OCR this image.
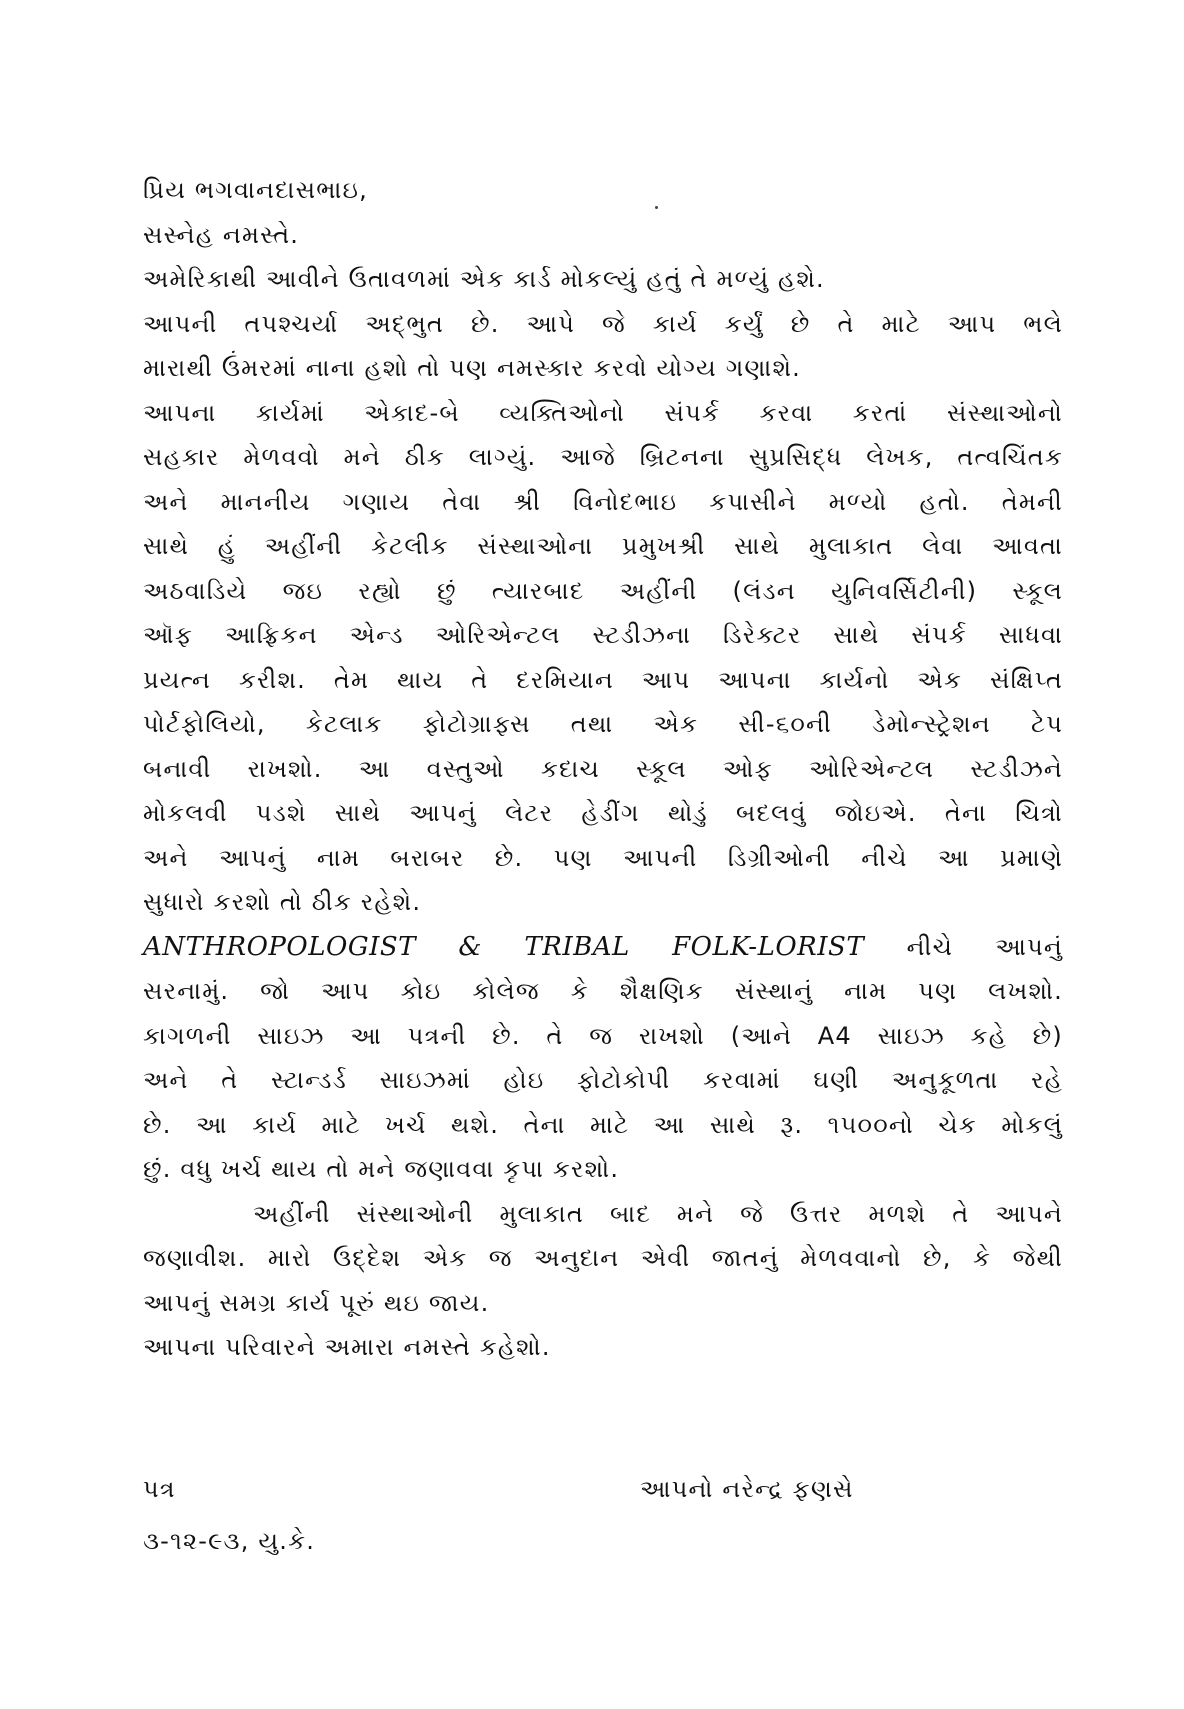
પ્રિય ભગવાનદાસભાઇ,
સસ્નેહ નમસ્તે.
અમેરિકાથી આવીને ઉતાવળમાં એક કાર્ડ મોકલ્યું હતું તે મળ્યું હશે.
આપની તપશ્ચર્યા અદ્ભુત છે. આપે જે કાર્ય કર્યું છે તે માટે આપ ભલે
મારાથી ઉંમરમાં નાના હશો તો પણ નમસ્કાર કરવો યોગ્ય ગણાશે.
આપના કાર્યમાં એકાદ-બે વ્યક્તિઓનો સંપર્ક કરવા કરતાં સંસ્થાઓનો
સહકાર મેળવવો મને ઠીક લાગ્યું. આજે બ્રિટનના સુપ્રસિદ્ધ લેખક, તત્વચિંતક
અને માનનીય ગણાય તેવા શ્રી વિનોદભાઇ કપાસીને મળ્યો હતો. તેમની
સાથે હું અહીંની કેટલીક સંસ્થાઓના પ્રમુખશ્રી સાથે મુલાકાત લેવા આવતા
અઠવાડિયે જઇ રહ્યો છું ત્યારબાદ અહીંની (લંડન યુનિવર્સિટીની) સ્કૂલ
ઑફ આફ્રિકન એન્ડ ઓરિએન્ટલ સ્ટડીઝના ડિરેક્ટર સાથે સંપર્ક સાધવા
પ્રયત્ન કરીશ. તેમ થાય તે દરમિયાન આપ આપના કાર્યનો એક સંક્ષિપ્ત
પોર્ટફોલિયો, કેટલાક ફોટોગ્રાફ્સ તથા એક સી-૬૦ની ડેમોન્સ્ટ્રેશન ટેપ
બનાવી રાખશો. આ વસ્તુઓ કદાચ સ્કૂલ ઓફ ઓરિએન્ટલ સ્ટડીઝને
મોકલવી પડશે સાથે આપનું લેટર હેડીંગ થોડું બદલવું જોઇએ. તેના ચિત્રો
અને આપનું નામ બરાબર છે. પણ આપની ડિગ્રીઓની નીચે આ પ્રમાણે
સુધારો કરશો તો ઠીક રહેશે.
ANTHROPOLOGIST & TRIBAL FOLK-LORIST નીચે આપનું
સરનામું. જો આપ કોઇ કોલેજ કે શૈક્ષણિક સંસ્થાનું નામ પણ લખશો.
કાગળની સાઇઝ આ પત્રની છે. તે જ રાખશો (આને A4 સાઇઝ કહે છે)
અને તે સ્ટાન્ડર્ડ સાઇઝમાં હોઇ ફોટોકોપી કરવામાં ઘણી અનુકૂળતા રહે
છે. આ કાર્ય માટે ખર્ચ થશે. તેના માટે આ સાથે રૂ. ૧૫૦૦નો ચેક મોકલું
છું. વધુ ખર્ચ થાય તો મને જણાવવા કૃપા કરશો.
અહીંની સંસ્થાઓની મુલાકાત બાદ મને જે ઉત્તર મળશે તે આપને
જણાવીશ. મારો ઉદ્દેશ એક જ અનુદાન એવી જાતનું મેળવવાનો છે, કે જેથી
આપનું સમગ્ર કાર્ય પૂરું થઇ જાય.
આપના પરિવારને અમારા નમસ્તે કહેશો.
પત્ર
૩-૧૨-૯૩, યુ.કે.
આપનો નરેન્દ્ર ફણસે
